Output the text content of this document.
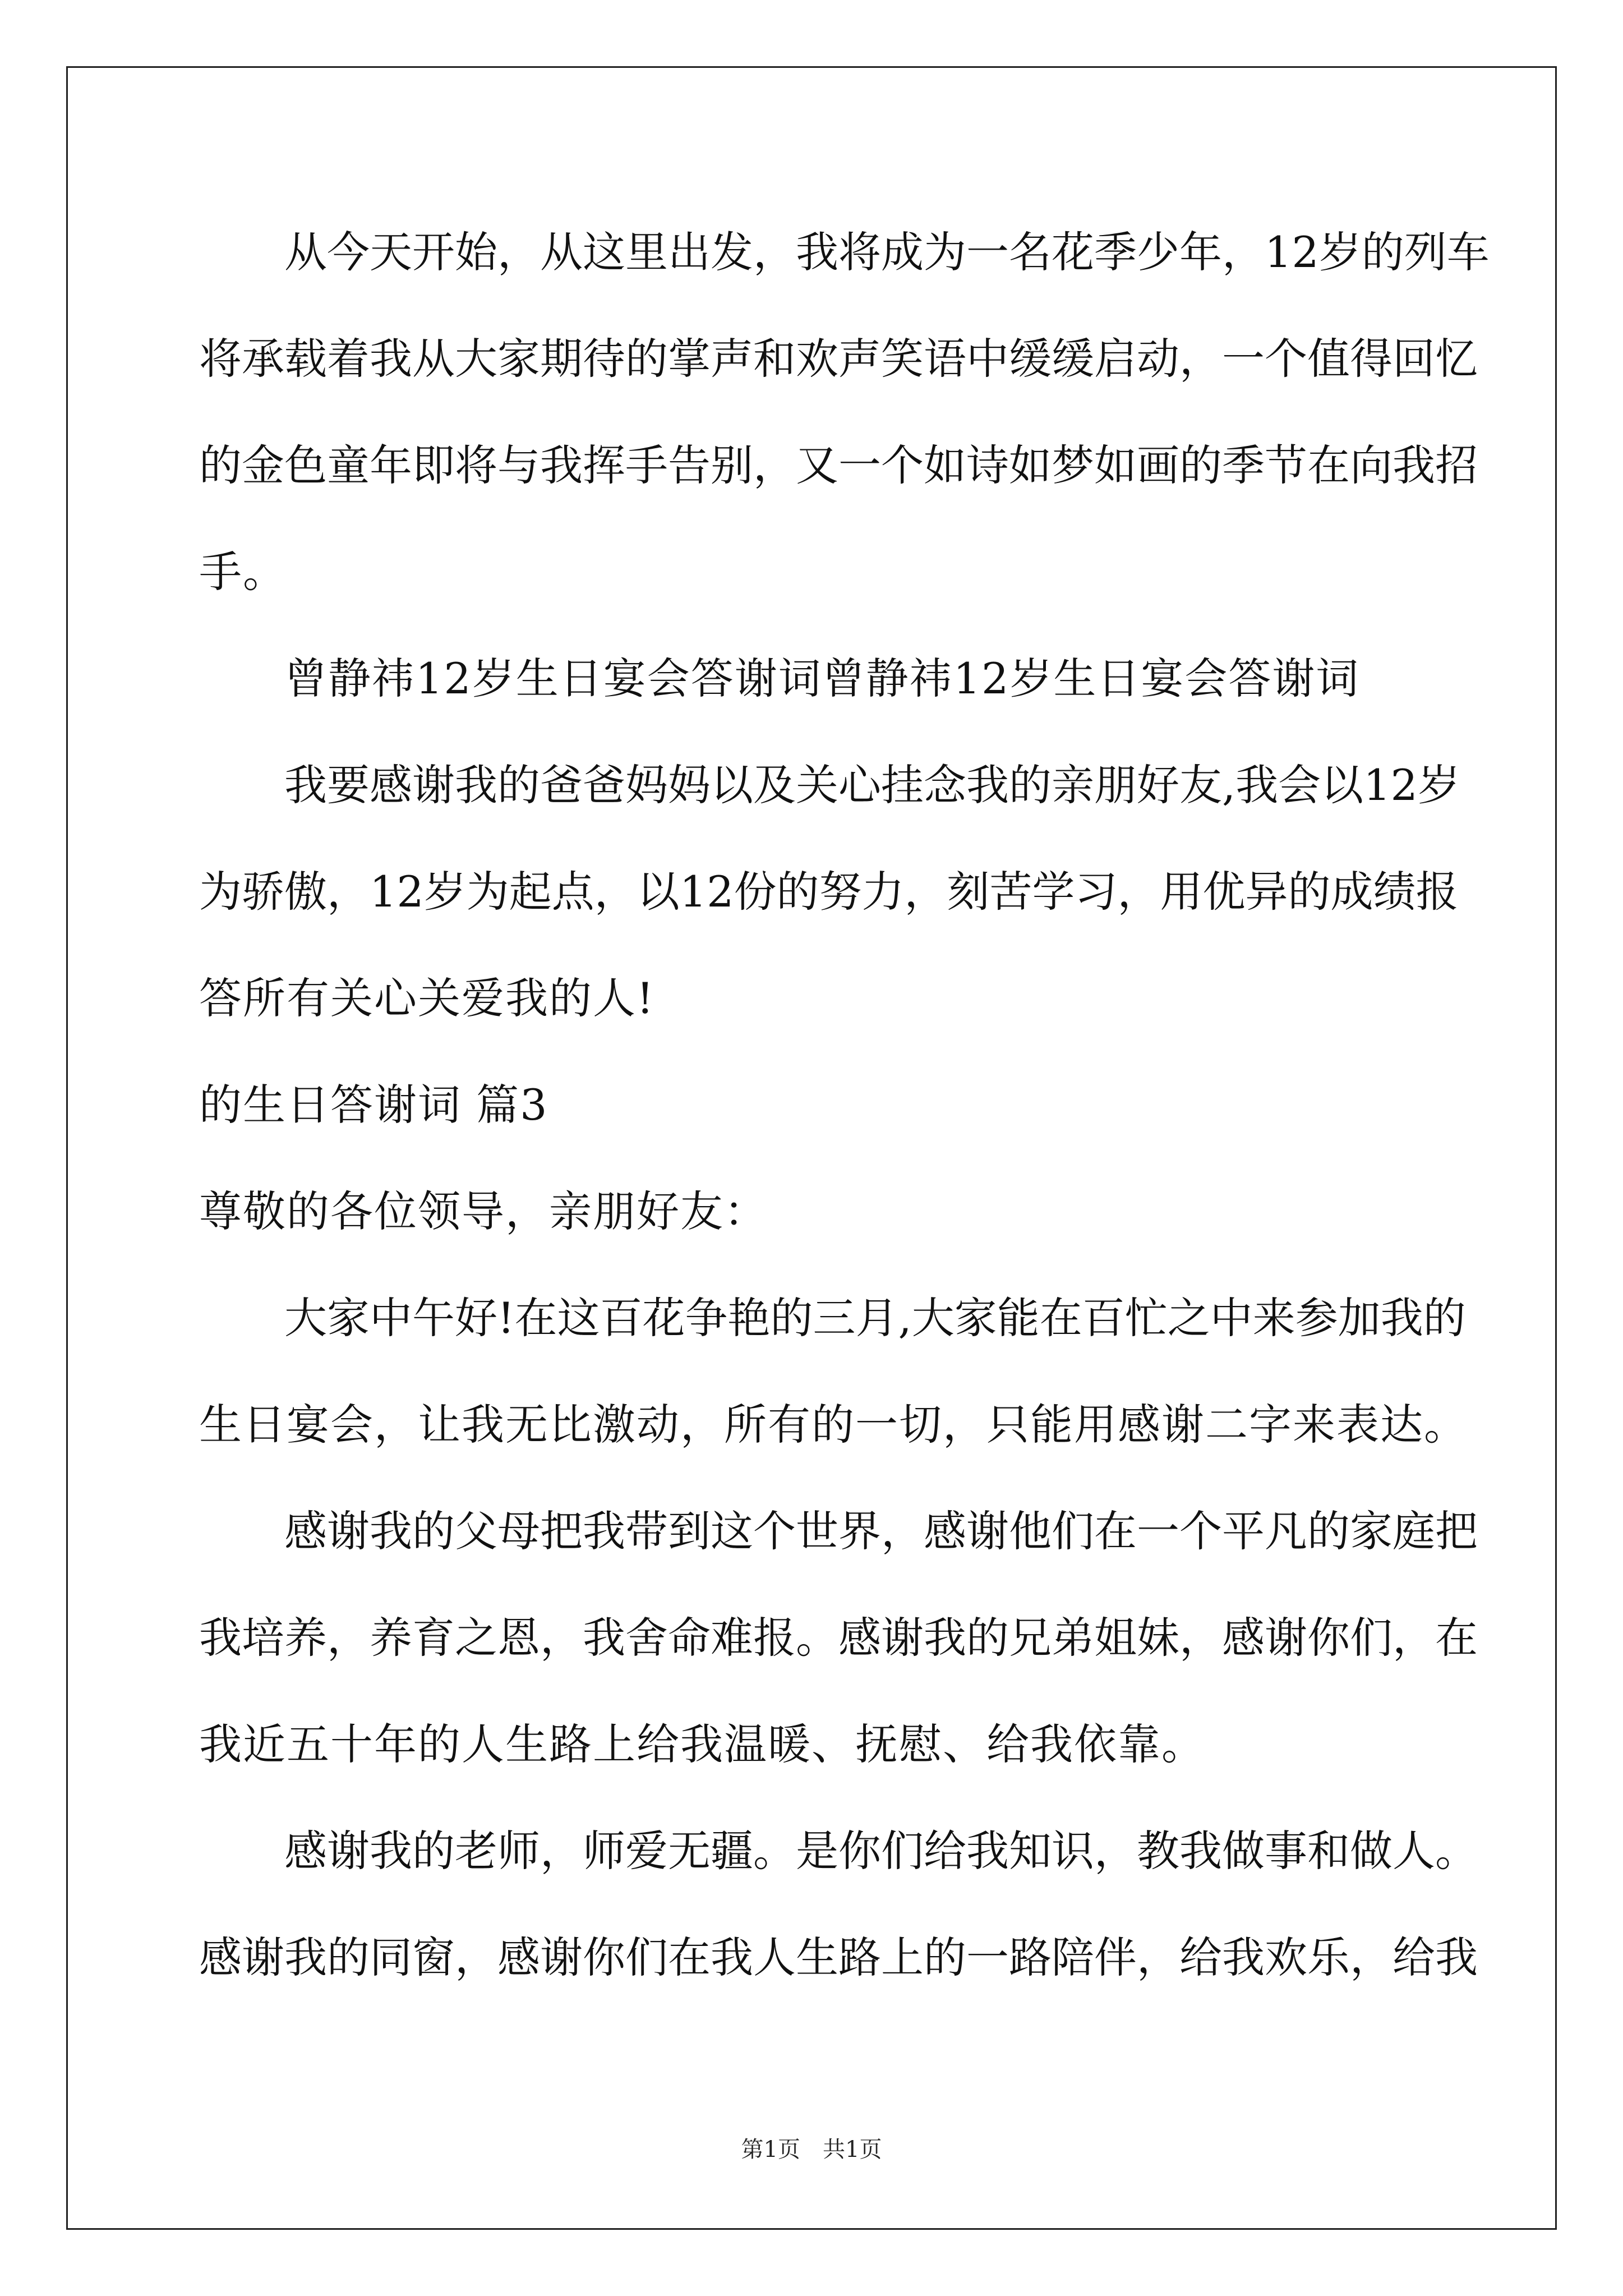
从 今 天 开 始 ， 从 这 里 出 发 ， 我 将 成 为 一 名 花 季 少 年 ， 12 岁 的 列 车
将 承 载 着 我 从 大 家 期 待 的 掌 声 和 欢 声 笑 语 中 缓 缓 启 动 ， 一 个 值 得 回 忆
的 金 色 童 年 即 将 与 我 挥 手 告 别 ， 又 一 个 如 诗 如 梦 如 画 的 季 节 在 向 我 招
手。
曾静祎12岁生日宴会答谢词曾静祎12岁生日宴会答谢词
我 要 感 谢 我 的 爸 爸 妈 妈 以 及 关 心 挂 念 我 的 亲 朋 好 友 , 我 会 以 12 岁
为 骄 傲 ， 12 岁 为 起 点 ， 以 12 份 的 努 力 ， 刻 苦 学 习 ， 用 优 异 的 成 绩 报
答所有关心关爱我的人!
的生日答谢词 篇3
尊敬的各位领导，亲朋好友：
大 家 中 午 好 ! 在 这 百 花 争 艳 的 三 月 , 大 家 能 在 百 忙 之 中 来 参 加 我 的
生日宴会，让我无比激动，所有的一切，只能用感谢二字来表达。
感 谢 我 的 父 母 把 我 带 到 这 个 世 界 ， 感 谢 他 们 在 一 个 平 凡 的 家 庭 把
我 培 养 ， 养 育 之 恩 ， 我 舍 命 难 报 。 感 谢 我 的 兄 弟 姐 妹 ， 感 谢 你 们 ， 在
我近五十年的人生路上给我温暖、抚慰、给我依靠。
感 谢 我 的 老 师 ， 师 爱 无 疆 。 是 你 们 给 我 知 识 ， 教 我 做 事 和 做 人 。
感 谢 我 的 同 窗 ， 感 谢 你 们 在 我 人 生 路 上 的 一 路 陪 伴 ， 给 我 欢 乐 ， 给 我
第1页　共1页
